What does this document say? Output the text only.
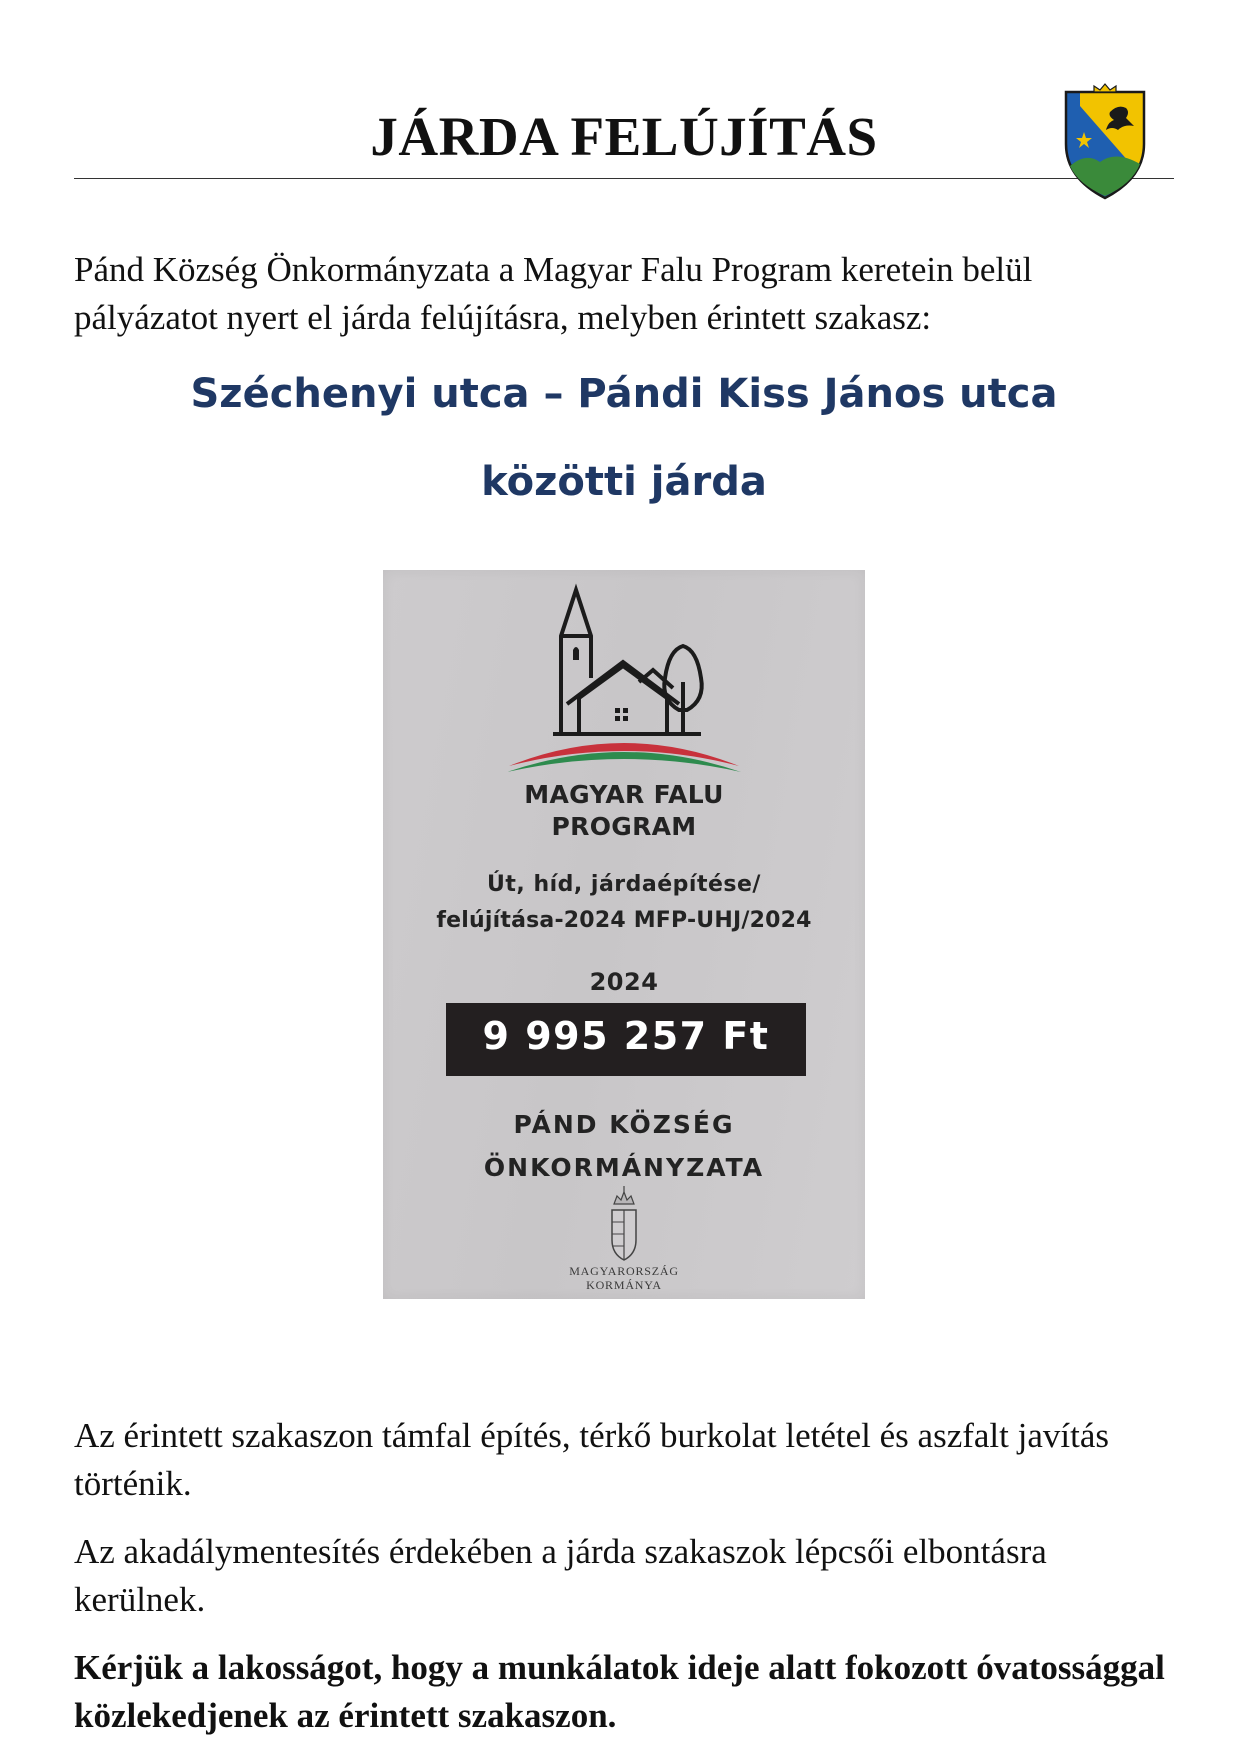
JÁRDA FELÚJÍTÁS

Pánd Község Önkormányzata a Magyar Falu Program keretein belül pályázatot nyert el járda felújításra, melyben érintett szakasz:

Széchenyi utca – Pándi Kiss János utca

közötti járda

MAGYAR FALU

PROGRAM

Út, híd, járdaépítése/

felújítása-2024 MFP-UHJ/2024

2024

9 995 257 Ft

PÁND KÖZSÉG

ÖNKORMÁNYZATA

MAGYARORSZÁG

KORMÁNYA

Az érintett szakaszon támfal építés, térkő burkolat letétel és aszfalt javítás történik.

Az akadálymentesítés érdekében a járda szakaszok lépcsői elbontásra kerülnek.

Kérjük a lakosságot, hogy a munkálatok ideje alatt fokozott óvatossággal közlekedjenek az érintett szakaszon.
